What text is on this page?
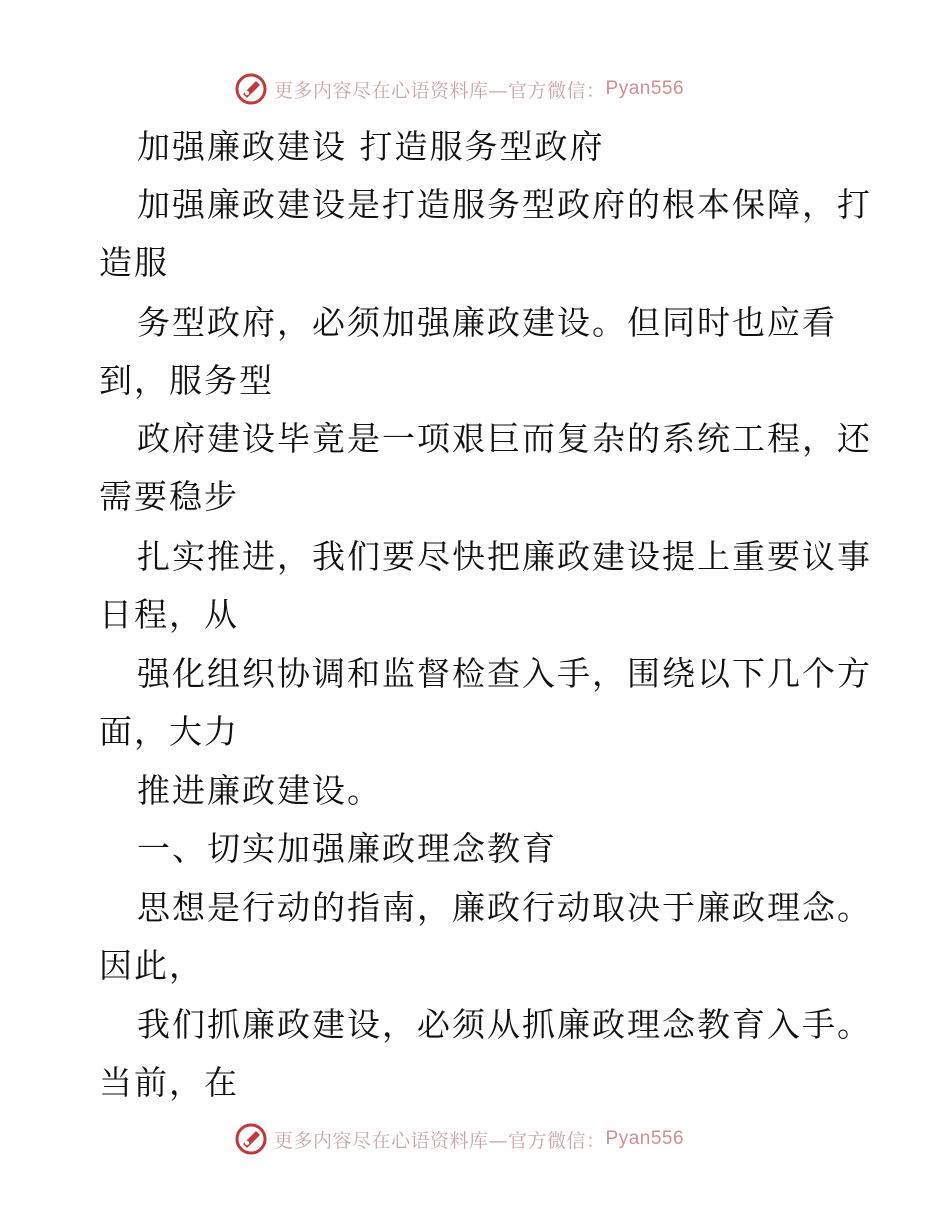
更多内容尽在心语资料库—官方微信： Pyan556
加强廉政建设 打造服务型政府
加强廉政建设是打造服务型政府的根本保障，打
造服
务型政府，必须加强廉政建设。但同时也应看
到，服务型
政府建设毕竟是一项艰巨而复杂的系统工程，还
需要稳步
扎实推进，我们要尽快把廉政建设提上重要议事
日程，从
强化组织协调和监督检查入手，围绕以下几个方
面，大力
推进廉政建设。
一、切实加强廉政理念教育
思想是行动的指南，廉政行动取决于廉政理念。
因此，
我们抓廉政建设，必须从抓廉政理念教育入手。
当前，在
更多内容尽在心语资料库—官方微信： Pyan556
